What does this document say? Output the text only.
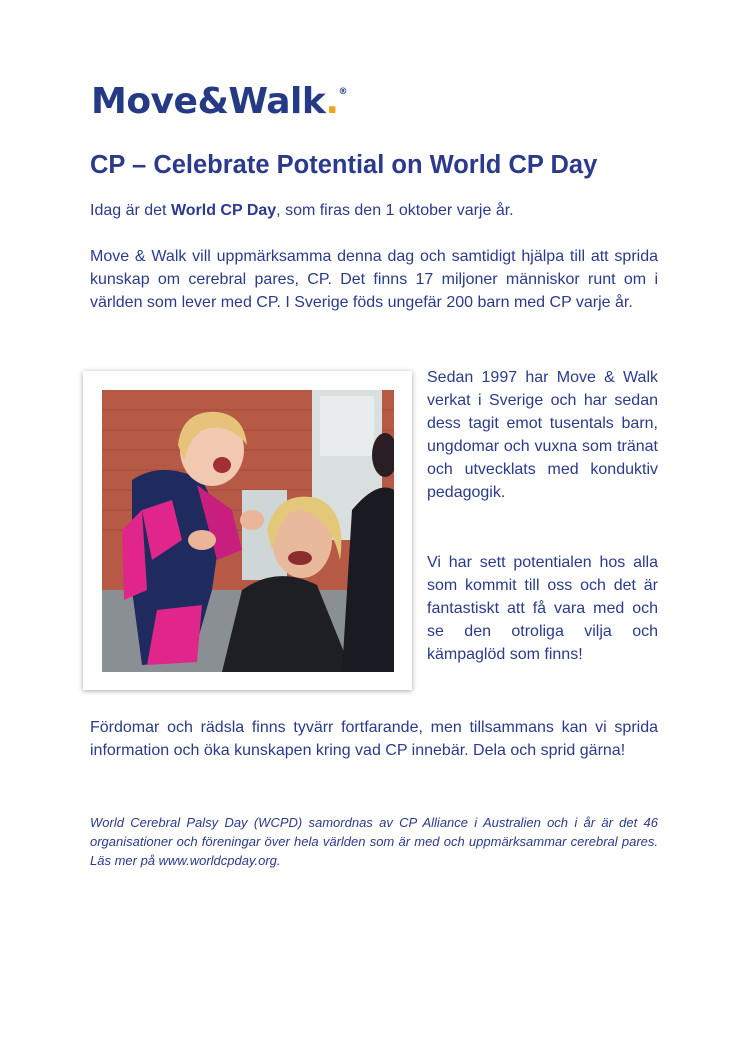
Move&Walk.®
CP – Celebrate Potential on World CP Day

Idag är det World CP Day, som firas den 1 oktober varje år.

Move & Walk vill uppmärksamma denna dag och samtidigt hjälpa till att sprida kunskap om cerebral pares, CP. Det finns 17 miljoner människor runt om i världen som lever med CP. I Sverige föds ungefär 200 barn med CP varje år.

Sedan 1997 har Move & Walk verkat i Sverige och har sedan dess tagit emot tusentals barn, ungdomar och vuxna som tränat och utvecklats med konduktiv pedagogik.

Vi har sett potentialen hos alla som kommit till oss och det är fantastiskt att få vara med och se den otroliga vilja och kämpaglöd som finns!

Fördomar och rädsla finns tyvärr fortfarande, men tillsammans kan vi sprida information och öka kunskapen kring vad CP innebär. Dela och sprid gärna!

World Cerebral Palsy Day (WCPD) samordnas av CP Alliance i Australien och i år är det 46 organisationer och föreningar över hela världen som är med och uppmärksammar cerebral pares. Läs mer på www.worldcpday.org.
